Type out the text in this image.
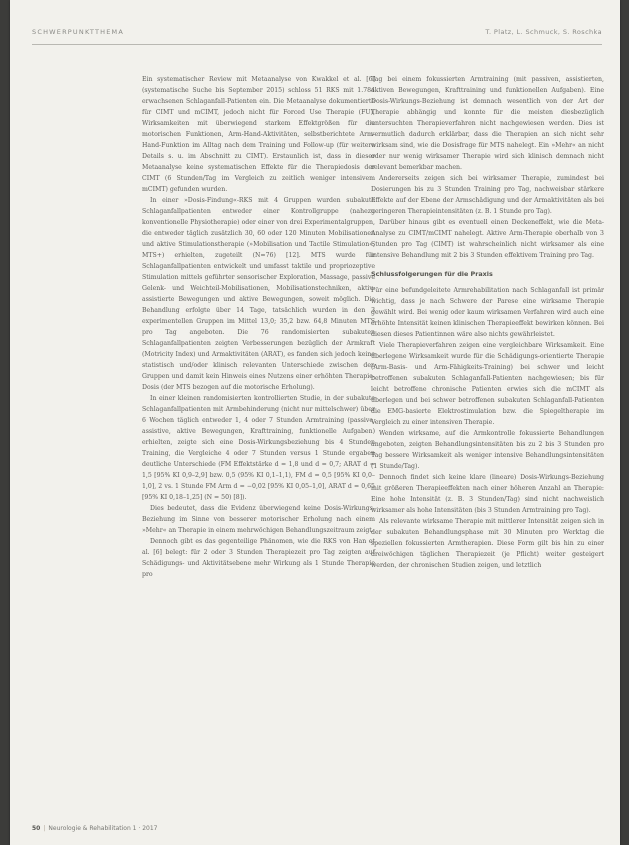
SCHWERPUNKTTHEMA	T. Platz, L. Schmuck, S. Roschka

Ein systematischer Review mit Metaanalyse von Kwakkel et al. [6] (systematische Suche bis September 2015) schloss 51 RKS mit 1.784 erwachsenen Schlaganfall-Patienten ein. Die Metaanalyse dokumentierte für CIMT und mCIMT, jedoch nicht für Forced Use Therapie (FU), Wirksamkeiten mit überwiegend starkem Effektgrößen für die motorischen Funktionen, Arm-Hand-Aktivitäten, selbstberichtete Arm-Hand-Funktion im Alltag nach dem Training und Follow-up (für weitere Details s. u. im Abschnitt zu CIMT). Erstaunlich ist, dass in dieser Metaanalyse keine systematischen Effekte für die Therapiedosis der CIMT (6 Stunden/Tag im Vergleich zu zeitlich weniger intensivem mCIMT) gefunden wurden.

In einer »Dosis-Findung«-RKS mit 4 Gruppen wurden subakute Schlaganfallpatienten entweder einer Kontrollgruppe (nahezu konventionelle Physiotherapie) oder einer von drei Experimentalgruppen, die entweder täglich zusätzlich 30, 60 oder 120 Minuten Mobilisationen und aktive Stimulationstherapie (»Mobilisation und Tactile Stimulation«, MTS+) erhielten, zugeteilt (N=76) [12]. MTS wurde für Schlaganfallpatienten entwickelt und umfasst taktile und propriozeptive Stimulation mittels geführter sensorischer Exploration, Massage, passive Gelenk- und Weichteil-Mobilisationen, Mobilisationstechniken, aktiv-assistierte Bewegungen und aktive Bewegungen, soweit möglich. Die Behandlung erfolgte über 14 Tage, tatsächlich wurden in den 3 experimentellen Gruppen im Mittel 13,0; 35,2 bzw. 64,8 Minuten MTS pro Tag angeboten. Die 76 randomisierten subakuten Schlaganfallpatienten zeigten Verbesserungen bezüglich der Armkraft (Motricity Index) und Armaktivitäten (ARAT), es fanden sich jedoch keine statistisch und/oder klinisch relevanten Unterschiede zwischen den Gruppen und damit kein Hinweis eines Nutzens einer erhöhten Therapie-Dosis (der MTS bezogen auf die motorische Erholung).

In einer kleinen randomisierten kontrollierten Studie, in der subakute Schlaganfallpatienten mit Armbehinderung (nicht nur mittelschwer) über 6 Wochen täglich entweder 1, 4 oder 7 Stunden Armtraining (passive, assistive, aktive Bewegungen, Krafttraining, funktionelle Aufgaben) erhielten, zeigte sich eine Dosis-Wirkungsbeziehung bis 4 Stunden Training, die Vergleiche 4 oder 7 Stunden versus 1 Stunde ergaben deutliche Unterschiede (FM Effektstärke d = 1,8 und d = 0,7; ARAT d = 1,5 [95% KI 0,9–2,9] bzw. 0,5 (95% KI 0,1–1,1), FM d = 0,5 [95% KI 0,0–1,0], 2 vs. 1 Stunde FM Arm d = −0,02 [95% KI 0,05–1,0], ARAT d = 0,65 [95% KI 0,18–1,25] (N = 50) [8]).

Dies bedeutet, dass die Evidenz überwiegend keine Dosis-Wirkungs-Beziehung im Sinne von besserer motorischer Erholung nach einem »Mehr« an Therapie in einem mehrwöchigen Behandlungszeitraum zeigt.

Dennoch gibt es das gegenteilige Phänomen, wie die RKS von Han et al. [6] belegt: für 2 oder 3 Stunden Therapiezeit pro Tag zeigten auf Schädigungs- und Aktivitätsebene mehr Wirkung als 1 Stunde Therapie pro

Tag bei einem fokussierten Armtraining (mit passiven, assistierten, aktiven Bewegungen, Krafttraining und funktionellen Aufgaben). Eine Dosis-Wirkungs-Beziehung ist demnach wesentlich von der Art der Therapie abhängig und konnte für die meisten diesbezüglich untersuchten Therapieverfahren nicht nachgewiesen werden. Dies ist vermutlich dadurch erklärbar, dass die Therapien an sich nicht sehr wirksam sind, wie die Dosisfrage für MTS nahelegt. Ein »Mehr« an nicht oder nur wenig wirksamer Therapie wird sich klinisch demnach nicht relevant bemerkbar machen.

Andererseits zeigen sich bei wirksamer Therapie, zumindest bei Dosierungen bis zu 3 Stunden Training pro Tag, nachweisbar stärkere Effekte auf der Ebene der Armschädigung und der Armaktivitäten als bei geringeren Therapieintensitäten (z. B. 1 Stunde pro Tag).

Darüber hinaus gibt es eventuell einen Deckeneffekt, wie die Meta-Analyse zu CIMT/mCIMT nahelegt. Aktive Arm-Therapie oberhalb von 3 Stunden pro Tag (CIMT) ist wahrscheinlich nicht wirksamer als eine intensive Behandlung mit 2 bis 3 Stunden effektivem Training pro Tag.

Schlussfolgerungen für die Praxis

Für eine befundgeleitete Armrehabilitation nach Schlaganfall ist primär wichtig, dass je nach Schwere der Parese eine wirksame Therapie gewählt wird. Bei wenig oder kaum wirksamen Verfahren wird auch eine erhöhte Intensität keinen klinischen Therapieeffekt bewirken können. Bei diesen dieses Patientinnen wäre also nichts gewährleistet.

Viele Therapieverfahren zeigen eine vergleichbare Wirksamkeit. Eine überlegene Wirksamkeit wurde für die Schädigungs-orientierte Therapie (Arm-Basis- und Arm-Fähigkeits-Training) bei schwer und leicht betroffenen subakuten Schlaganfall-Patienten nachgewiesen; bis für leicht betroffene chronische Patienten erwies sich die mCIMT als überlegen und bei schwer betroffenen subakuten Schlaganfall-Patienten die EMG-basierte Elektrostimulation bzw. die Spiegeltherapie im Vergleich zu einer intensiven Therapie.

Wenden wirksame, auf die Armkontrolle fokussierte Behandlungen angeboten, zeigten Behandlungsintensitäten bis zu 2 bis 3 Stunden pro Tag bessere Wirksamkeit als weniger intensive Behandlungsintensitäten (1 Stunde/Tag).

Dennoch findet sich keine klare (lineare) Dosis-Wirkungs-Beziehung mit größeren Therapieeffekten nach einer höheren Anzahl an Therapie: Eine hohe Intensität (z. B. 3 Stunden/Tag) sind nicht nachweislich wirksamer als hohe Intensitäten (bis 3 Stunden Armtraining pro Tag).

Als relevante wirksame Therapie mit mittlerer Intensität zeigen sich in der subakuten Behandlungsphase mit 30 Minuten pro Werktag die speziellen fokussierten Armtherapien. Diese Form gilt bis hin zu einer dreiwöchigen täglichen Therapiezeit (je Pflicht) weiter gesteigert werden, der chronischen Studien zeigen, und letztlich

50 | Neurologie & Rehabilitation 1 · 2017
